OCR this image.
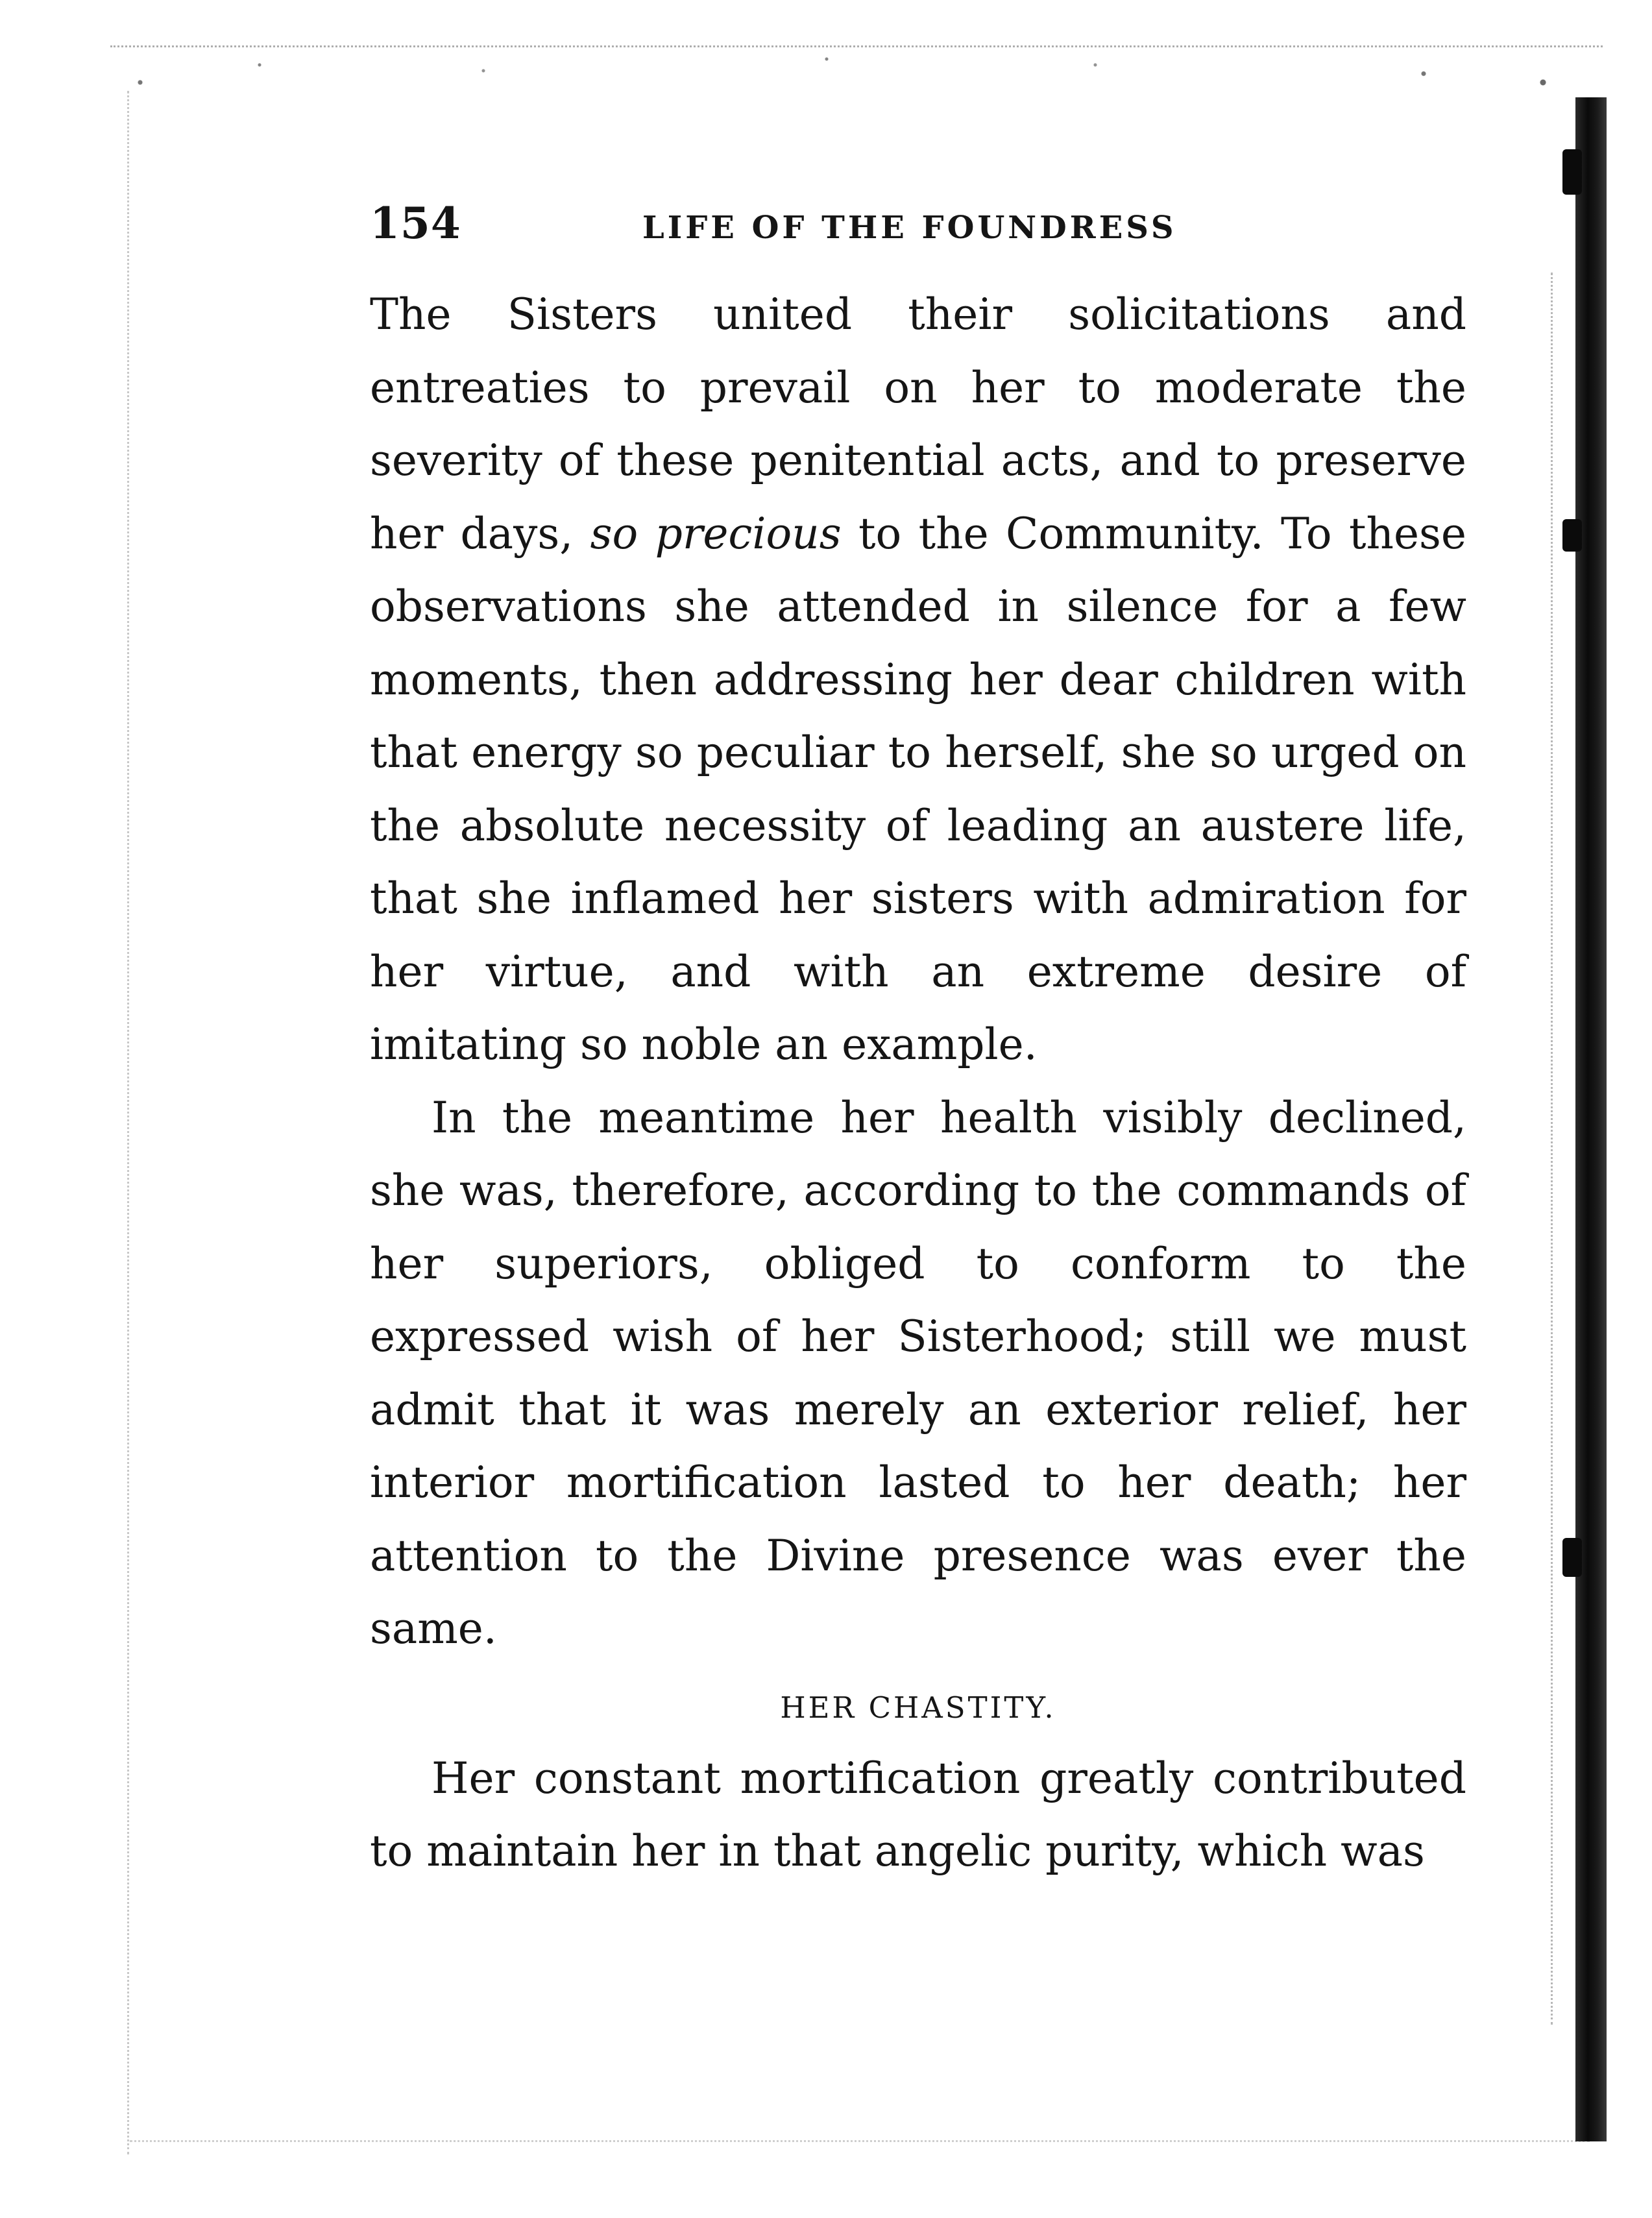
154	LIFE OF THE FOUNDRESS

The Sisters united their solicitations and entreaties to prevail on her to moderate the severity of these penitential acts, and to preserve her days, so precious to the Community. To these observations she attended in silence for a few moments, then addressing her dear children with that energy so peculiar to herself, she so urged on the absolute necessity of leading an austere life, that she inflamed her sisters with admiration for her virtue, and with an extreme desire of imitating so noble an example.

In the meantime her health visibly declined, she was, therefore, according to the commands of her superiors, obliged to conform to the expressed wish of her Sisterhood; still we must admit that it was merely an exterior relief, her interior mortification lasted to her death; her attention to the Divine presence was ever the same.

HER CHASTITY.

Her constant mortification greatly contributed to maintain her in that angelic purity, which was
